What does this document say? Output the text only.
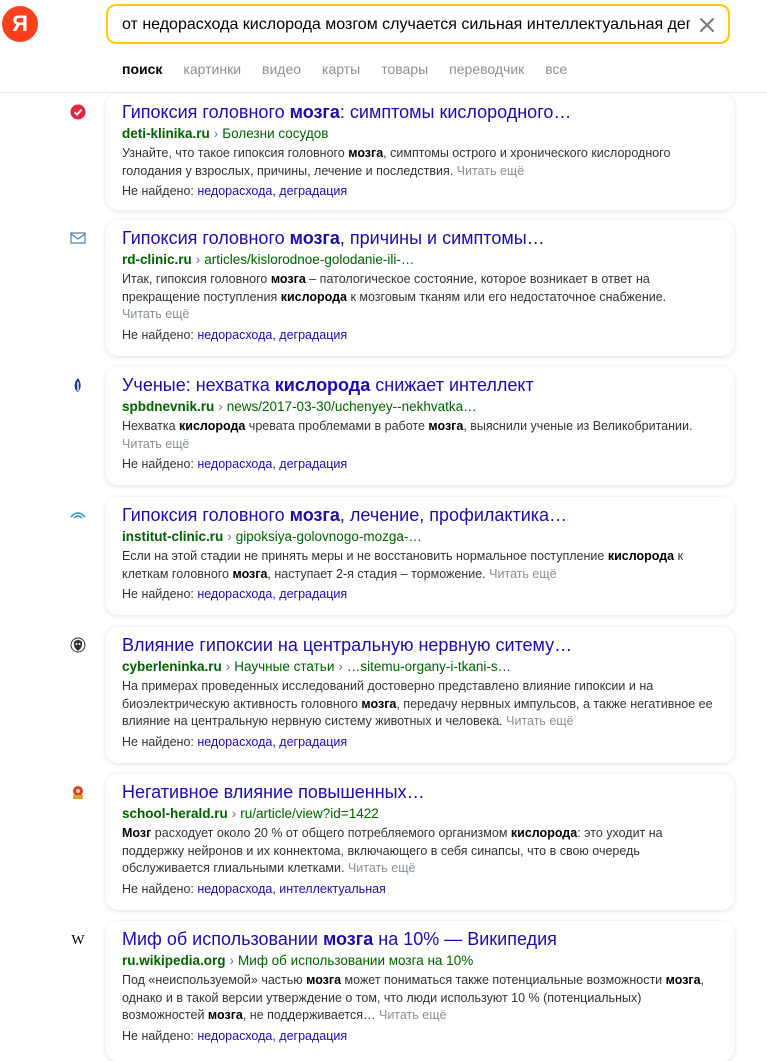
Я
от недорасхода кислорода мозгом случается сильная интеллектуальная деградация
поиск картинки видео карты товары переводчик все
Гипоксия головного мозга: симптомы кислородного…
deti-klinika.ru › Болезни сосудов
Узнайте, что такое гипоксия головного мозга, симптомы острого и хронического кислородного голодания у взрослых, причины, лечение и последствия. Читать ещё
Не найдено: недорасхода, деградация
Гипоксия головного мозга, причины и симптомы…
rd-clinic.ru › articles/kislorodnoe-golodanie-ili-…
Итак, гипоксия головного мозга – патологическое состояние, которое возникает в ответ на прекращение поступления кислорода к мозговым тканям или его недостаточное снабжение.
Читать ещё
Не найдено: недорасхода, деградация
Ученые: нехватка кислорода снижает интеллект
spbdnevnik.ru › news/2017-03-30/uchenyey--nekhvatka…
Нехватка кислорода чревата проблемами в работе мозга, выяснили ученые из Великобритании.
Читать ещё
Не найдено: недорасхода, деградация
Гипоксия головного мозга, лечение, профилактика…
institut-clinic.ru › gipoksiya-golovnogo-mozga-…
Если на этой стадии не принять меры и не восстановить нормальное поступление кислорода к клеткам головного мозга, наступает 2-я стадия – торможение. Читать ещё
Не найдено: недорасхода, деградация
Влияние гипоксии на центральную нервную ситему…
cyberleninka.ru › Научные статьи › …sitemu-organy-i-tkani-s…
На примерах проведенных исследований достоверно представлено влияние гипоксии и на биоэлектрическую активность головного мозга, передачу нервных импульсов, а также негативное ее влияние на центральную нервную систему животных и человека. Читать ещё
Не найдено: недорасхода, деградация
Негативное влияние повышенных…
school-herald.ru › ru/article/view?id=1422
Мозг расходует около 20 % от общего потребляемого организмом кислорода: это уходит на поддержку нейронов и их коннектома, включающего в себя синапсы, что в свою очередь обслуживается глиальными клетками. Читать ещё
Не найдено: недорасхода, интеллектуальная
W Миф об использовании мозга на 10% — Википедия
ru.wikipedia.org › Миф об использовании мозга на 10%
Под «неиспользуемой» частью мозга может пониматься также потенциальные возможности мозга, однако и в такой версии утверждение о том, что люди используют 10 % (потенциальных) возможностей мозга, не поддерживается… Читать ещё
Не найдено: недорасхода, деградация
